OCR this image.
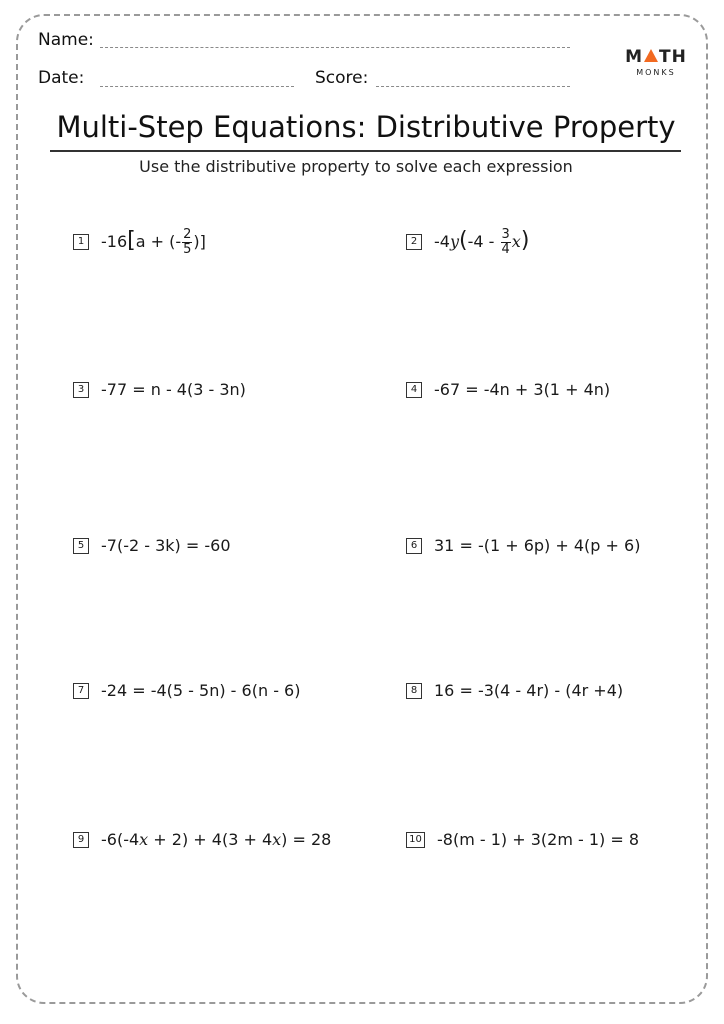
Name:
Date:	Score:
M TH
MONKS
Multi-Step Equations: Distributive Property
Use the distributive property to solve each expression
1	-16[a + (- $\frac{2}{5}$ )]	2	$-4y(-4 - \frac{3}{4} x)$
3	-77 = n - 4(3 - 3n)	4	-67 = -4n + 3(1 + 4n)
5	-7(-2 - 3k) = -60	6	31 = -(1 + 6p) + 4(p + 6)
7	-24 = -4(5 - 5n) - 6(n - 6)	8	16 = -3(4 - 4r) - (4r +4)
9	-6(-4x + 2) + 4(3 + 4x) = 28	10 -8(m - 1) + 3(2m - 1) = 8
